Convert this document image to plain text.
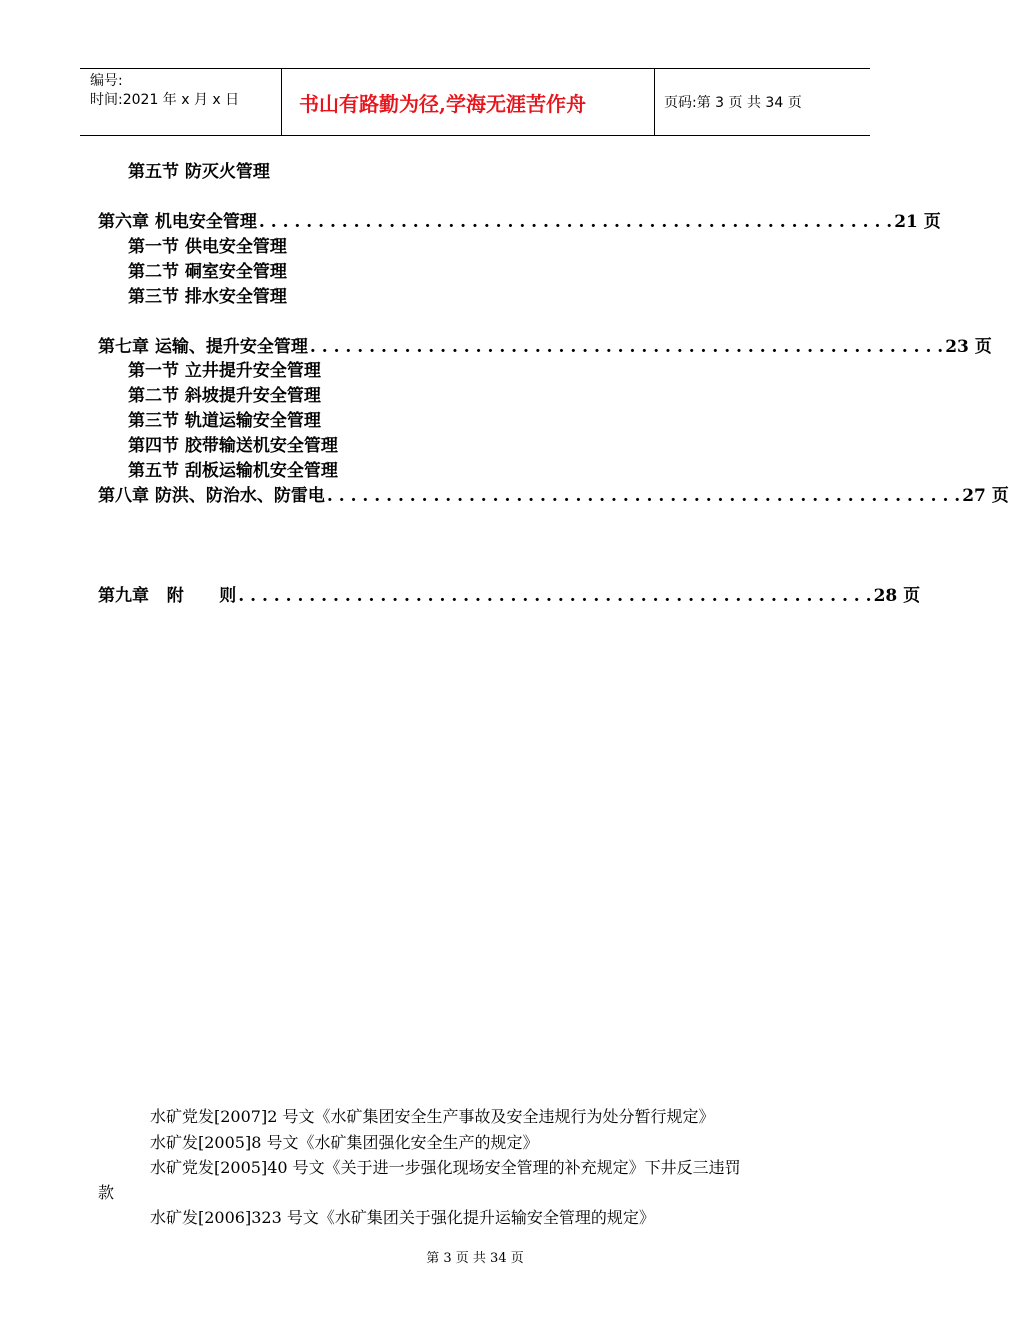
编号:
时间:2021 年 x 月 x 日	书山有路勤为径,学海无涯苦作舟	页码:第 3 页 共 34 页
第五节 防灭火管理
第六章 机电安全管理 . . . . . . . . . . . . . . . . . . . . . . . . . . . . . . . . . . . . . . . . . . . . . . . . . . . . . . 21 页
第一节 供电安全管理
第二节 硐室安全管理
第三节 排水安全管理
第七章 运输、提升安全管理 . . . . . . . . . . . . . . . . . . . . . . . . . . . . . . . . . . . . . . . . . . . . . . . . . . . . . . 23 页
第一节 立井提升安全管理
第二节 斜坡提升安全管理
第三节 轨道运输安全管理
第四节 胶带输送机安全管理
第五节 刮板运输机安全管理
第八章 防洪、防治水、防雷电 . . . . . . . . . . . . . . . . . . . . . . . . . . . . . . . . . . . . . . . . . . . . . . . . . . . . . . 27 页
第九章   附      则 . . . . . . . . . . . . . . . . . . . . . . . . . . . . . . . . . . . . . . . . . . . . . . . . . . . . . . 28 页
水矿党发[2007]2 号文《水矿集团安全生产事故及安全违规行为处分暂行规定》
水矿发[2005]8 号文《水矿集团强化安全生产的规定》
水矿党发[2005]40 号文《关于进一步强化现场安全管理的补充规定》下井反三违罚
款
水矿发[2006]323 号文《水矿集团关于强化提升运输安全管理的规定》
第 3 页 共 34 页
